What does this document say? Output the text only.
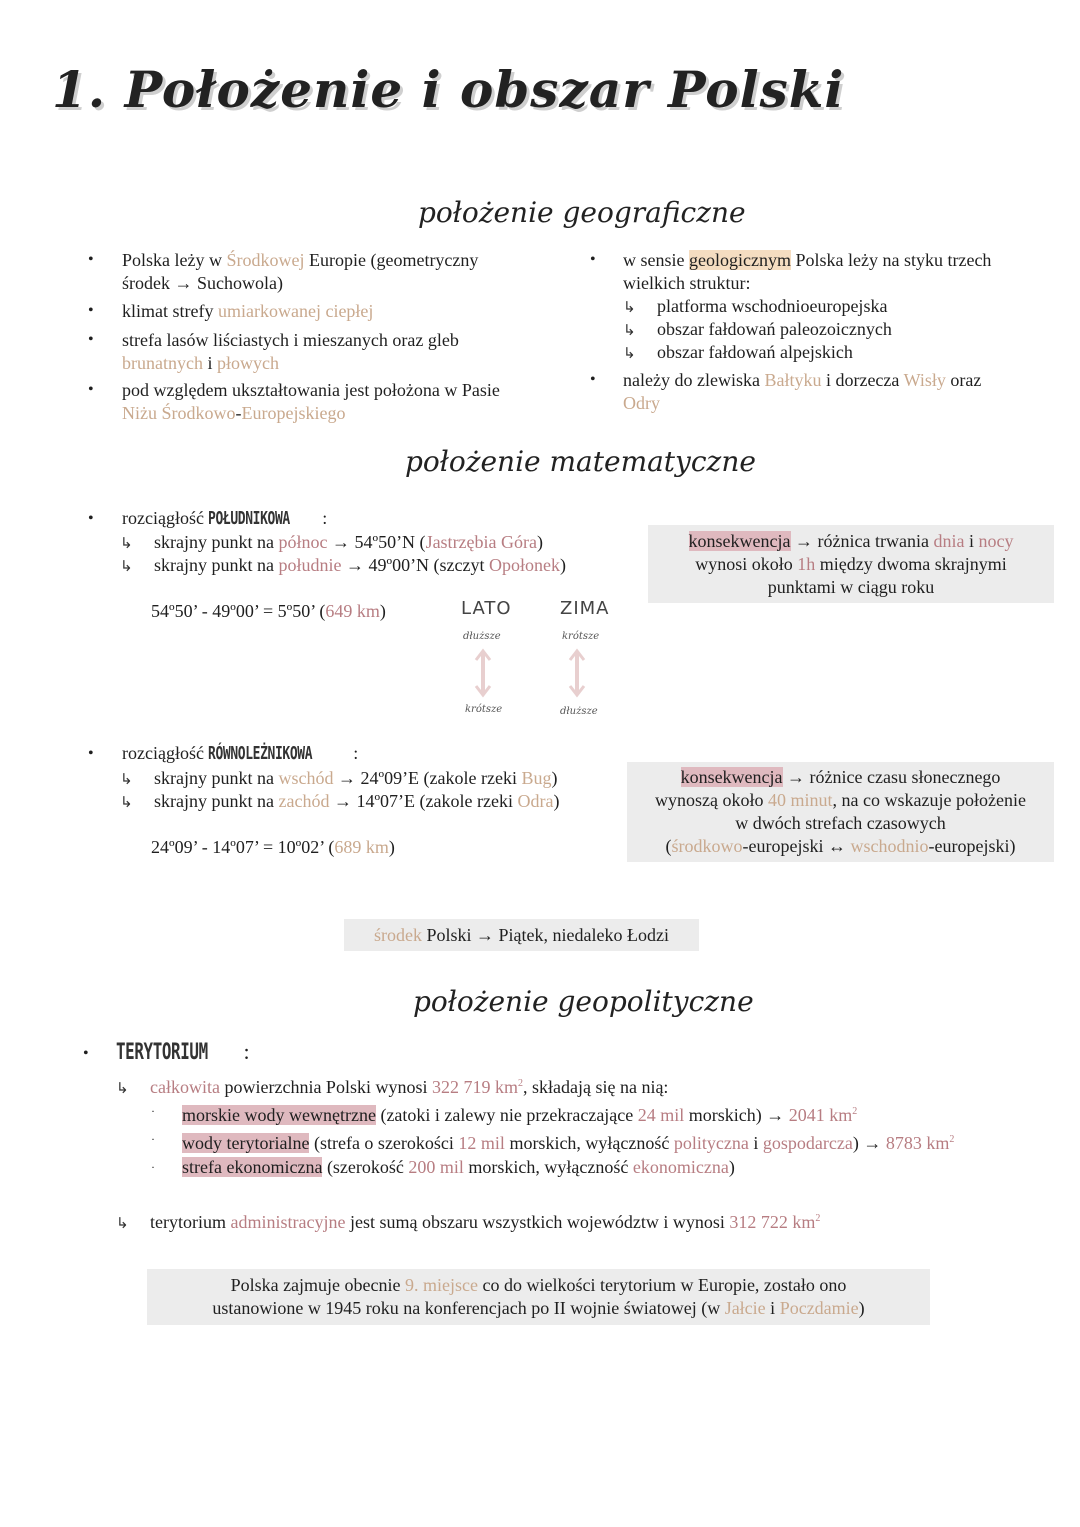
1. Położenie i obszar Polski
położenie geograficzne
• Polska leży w Środkowej Europie (geometryczny
środek → Suchowola)
• klimat strefy umiarkowanej ciepłej
• strefa lasów liściastych i mieszanych oraz gleb
brunatnych i płowych
• pod względem ukształtowania jest położona w Pasie
Niżu Środkowo-Europejskiego
• w sensie geologicznym Polska leży na styku trzech
wielkich struktur:
↳ platforma wschodnioeuropejska
↳ obszar fałdowań paleozoicznych
↳ obszar fałdowań alpejskich
• należy do zlewiska Bałtyku i dorzecza Wisły oraz
Odry
położenie matematyczne
• rozciągłość POŁUDNIKOWA :
↳ skrajny punkt na północ → 54º50’N (Jastrzębia Góra)
↳ skrajny punkt na południe → 49º00’N (szczyt Opołonek)
54º50’ - 49º00’ = 5º50’ (649 km)
konsekwencja → różnica trwania dnia i nocy
wynosi około 1h między dwoma skrajnymi
punktami w ciągu roku
LATO	ZIMA
dłuższe	krótsze
krótsze	dłuższe
• rozciągłość RÓWNOLEŻNIKOWA :
↳ skrajny punkt na wschód → 24º09’E (zakole rzeki Bug)
↳ skrajny punkt na zachód → 14º07’E (zakole rzeki Odra)
24º09’ - 14º07’ = 10º02’ (689 km)
konsekwencja → różnice czasu słonecznego
wynoszą około 40 minut, na co wskazuje położenie
w dwóch strefach czasowych
(środkowo-europejski ↔ wschodnio-europejski)
środek Polski → Piątek, niedaleko Łodzi
położenie geopolityczne
• TERYTORIUM :
↳ całkowita powierzchnia Polski wynosi 322 719 $km^2$, składają się na nią:
· morskie wody wewnętrzne (zatoki i zalewy nie przekraczające 24 mil morskich) → 2041 $km^2$
· wody terytorialne (strefa o szerokości 12 mil morskich, wyłączność polityczna i gospodarcza) → 8783 $km^2$
· strefa ekonomiczna (szerokość 200 mil morskich, wyłączność ekonomiczna)
↳ terytorium administracyjne jest sumą obszaru wszystkich województw i wynosi 312 722 $km^2$
Polska zajmuje obecnie 9. miejsce co do wielkości terytorium w Europie, zostało ono
ustanowione w 1945 roku na konferencjach po II wojnie światowej (w Jałcie i Poczdamie)
